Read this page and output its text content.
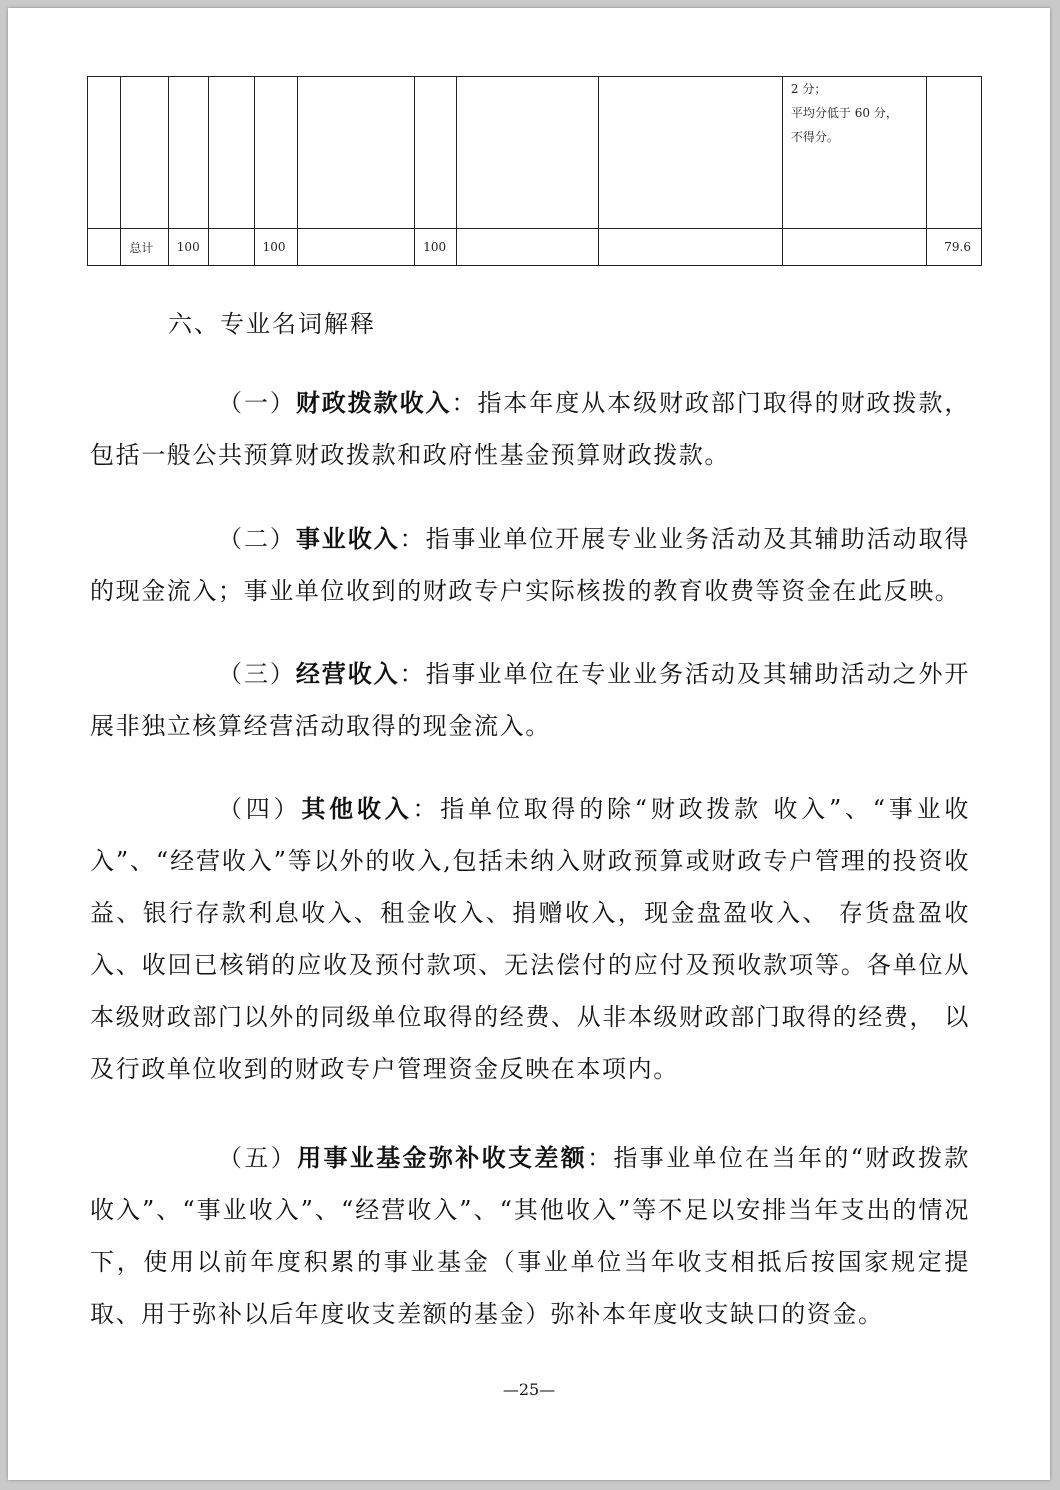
									2 分；
平均分低于 60 分，
不得分。	

	总计	100		100		100				79.6
六、专业名词解释
（一）财政拨款收入：指本年度从本级财政部门取得的财政拨款，包括一般公共预算财政拨款和政府性基金预算财政拨款。
（二）事业收入：指事业单位开展专业业务活动及其辅助活动取得的现金流入；事业单位收到的财政专户实际核拨的教育收费等资金在此反映。
（三）经营收入：指事业单位在专业业务活动及其辅助活动之外开展非独立核算经营活动取得的现金流入。
（四）其他收入：指单位取得的除“财政拨款 收入”、“事业收入”、“经营收入”等以外的收入,包括未纳入财政预算或财政专户管理的投资收益、银行存款利息收入、租金收入、捐赠收入，现金盘盈收入、 存货盘盈收入、收回已核销的应收及预付款项、无法偿付的应付及预收款项等。各单位从本级财政部门以外的同级单位取得的经费、从非本级财政部门取得的经费， 以及行政单位收到的财政专户管理资金反映在本项内。
（五）用事业基金弥补收支差额：指事业单位在当年的“财政拨款收入”、“事业收入”、“经营收入”、“其他收入”等不足以安排当年支出的情况下，使用以前年度积累的事业基金（事业单位当年收支相抵后按国家规定提取、用于弥补以后年度收支差额的基金）弥补本年度收支缺口的资金。
—25—
